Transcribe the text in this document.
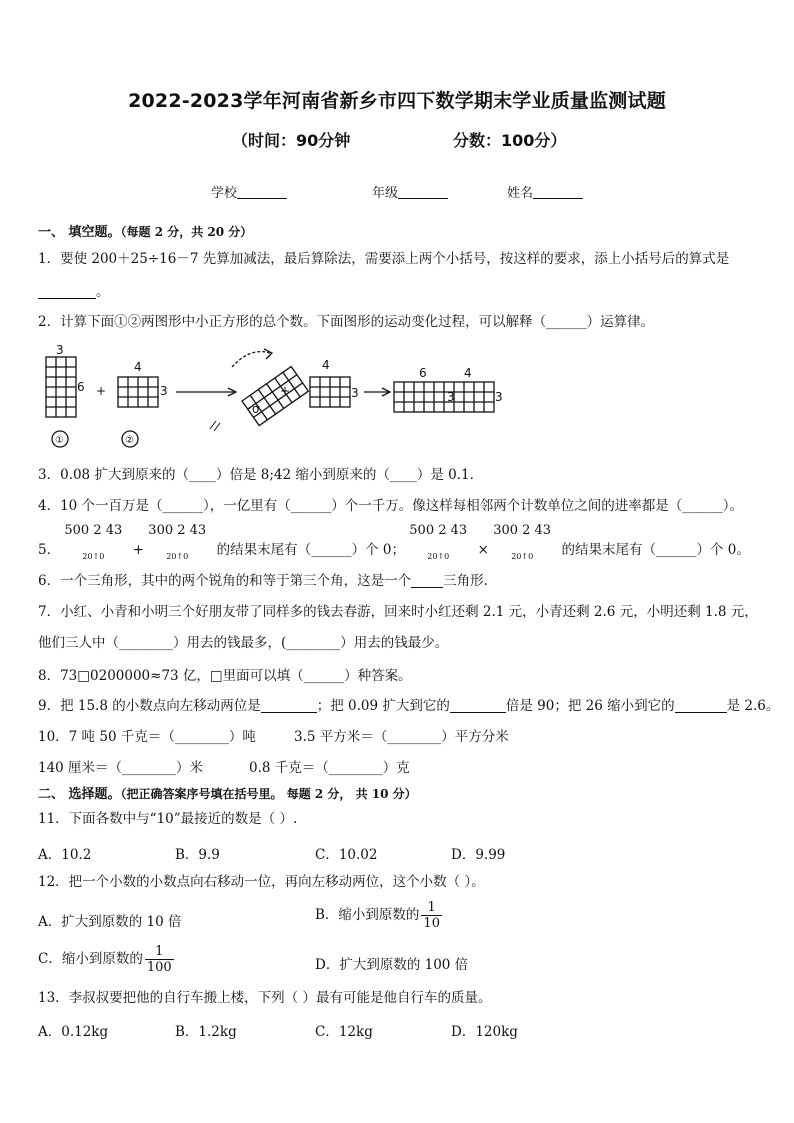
2022-2023学年河南省新乡市四下数学期末学业质量监测试题
（时间：90分钟	分数：100分）
学校	年级	姓名
一、 填空题。（每题 2 分，共 20 分）
1．要使 200＋25÷16－7 先算加减法，最后算除法，需要添上两个小括号，按这样的要求，添上小括号后的算式是
。
2．计算下面①②两图形中小正方形的总个数。下面图形的运动变化过程，可以解释（______）运算律。
3
6 +
4
3
σ
+
4
3
6	4
3	3
①	②
3．0.08 扩大到原来的（____）倍是 8;42 缩小到原来的（____）是 0.1.
4．10 个一百万是（______），一亿里有（______）个一千万。像这样每相邻两个计数单位之间的进率都是（______）。
5．
500 2 43
20↑0 +
300 2 43
20↑0 的结果末尾有（______）个 0；
500 2 43
20↑0 ×
300 2 43
20↑0 的结果末尾有（______）个 0。
6．一个三角形，其中的两个锐角的和等于第三个角，这是一个 三角形.
7．小红、小青和小明三个好朋友带了同样多的钱去春游，回来时小红还剩 2.1 元，小青还剩 2.6 元，小明还剩 1.8 元，
他们三人中（________）用去的钱最多，(________）用去的钱最少。
8．73□0200000≈73 亿，□里面可以填（______）种答案。
9．把 15.8 的小数点向左移动两位是	；把 0.09 扩大到它的	倍是 90；把 26 缩小到它的	是 2.6。
10．7 吨 50 千克＝（________）吨	3.5 平方米＝（________）平方分米
140 厘米＝（________）米	0.8 千克＝（________）克
二、 选择题。（把正确答案序号填在括号里。 每题 2 分， 共 10 分）
11．下面各数中与“10”最接近的数是（ ）.
A．10.2	B．9.9	C．10.02	D．9.99
12．把一个小数的小数点向右移动一位，再向左移动两位，这个小数（ ）。
A．扩大到原数的 10 倍	B．缩小到原数的 $\frac{1}{10}$
C．缩小到原数的 $\frac{1}{100}$	D．扩大到原数的 100 倍
13．李叔叔要把他的自行车搬上楼，下列（ ）最有可能是他自行车的质量。
A．0.12kg	B．1.2kg	C．12kg	D．120kg
